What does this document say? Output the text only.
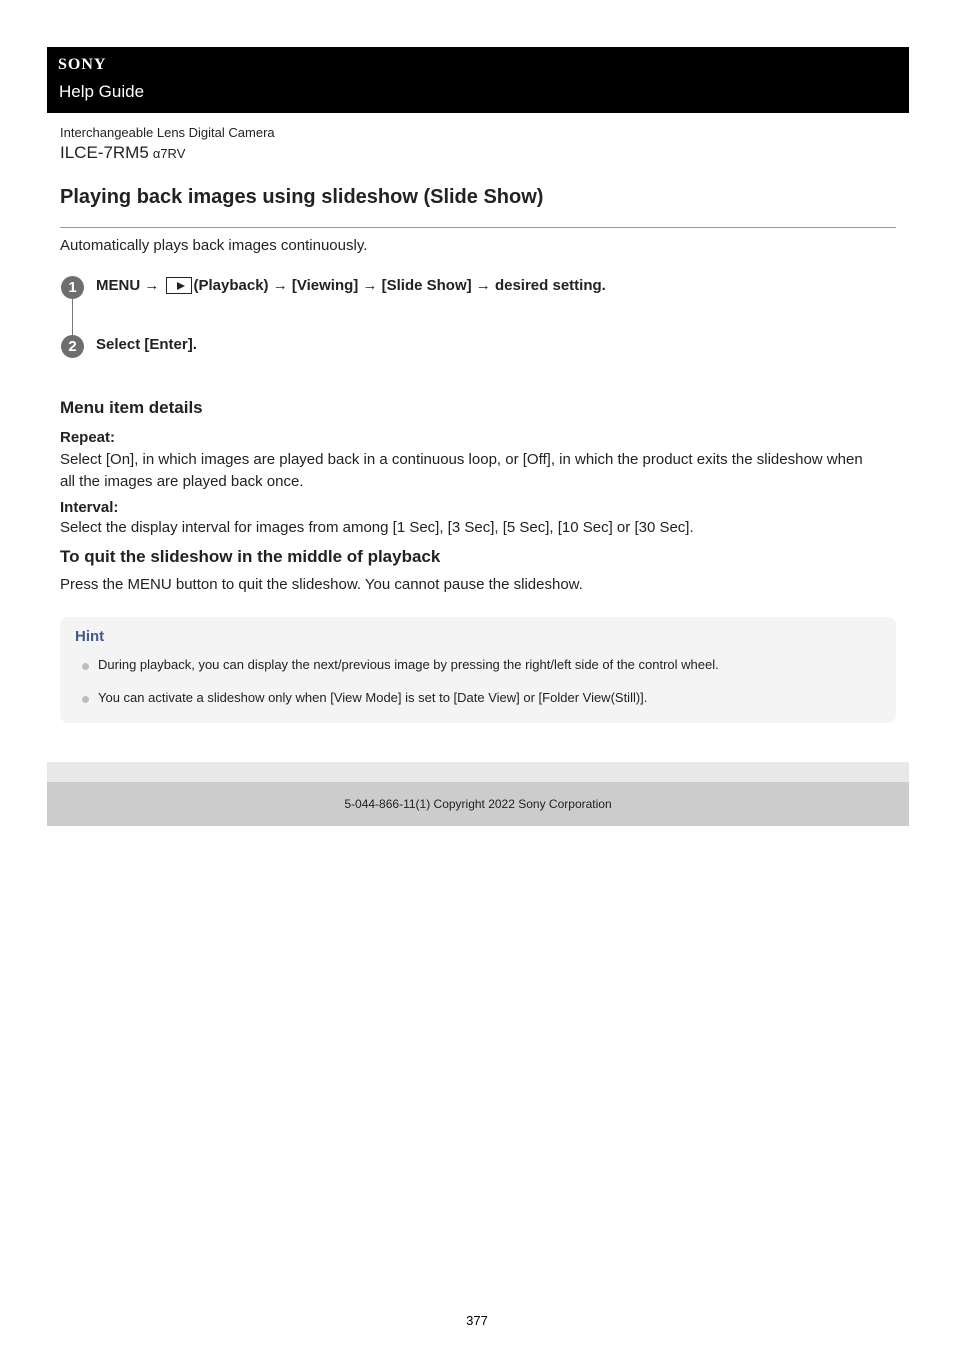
SONY
Help Guide
Interchangeable Lens Digital Camera
ILCE-7RM5 α7RV
Playing back images using slideshow (Slide Show)
Automatically plays back images continuously.
1	MENU → (Playback) → [Viewing] → [Slide Show] → desired setting.
2	Select [Enter].
Menu item details
Repeat:
Select [On], in which images are played back in a continuous loop, or [Off], in which the product exits the slideshow when all the images are played back once.
Interval:
Select the display interval for images from among [1 Sec], [3 Sec], [5 Sec], [10 Sec] or [30 Sec].
To quit the slideshow in the middle of playback
Press the MENU button to quit the slideshow. You cannot pause the slideshow.
Hint
During playback, you can display the next/previous image by pressing the right/left side of the control wheel.
You can activate a slideshow only when [View Mode] is set to [Date View] or [Folder View(Still)].
5-044-866-11(1) Copyright 2022 Sony Corporation
377
